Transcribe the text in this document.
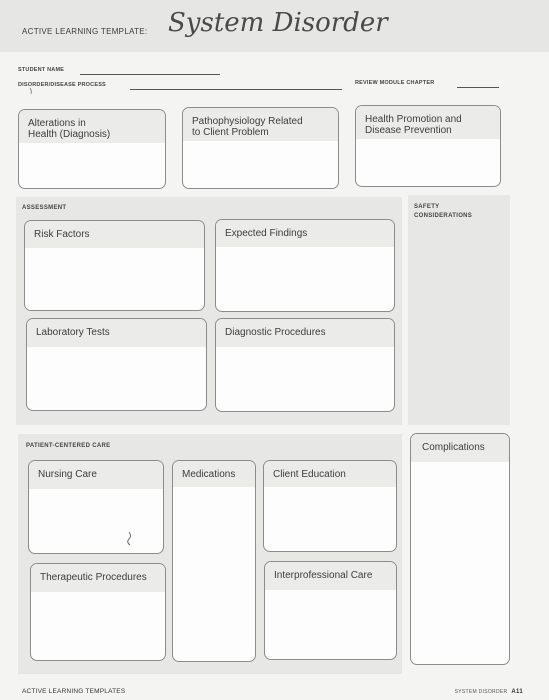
ACTIVE LEARNING TEMPLATE: System Disorder
STUDENT NAME
DISORDER/DISEASE PROCESS	REVIEW MODULE CHAPTER
Alterations in
Health (Diagnosis)
Pathophysiology Related
to Client Problem
Health Promotion and
Disease Prevention
ASSESSMENT
Risk Factors	Expected Findings
Laboratory Tests	Diagnostic Procedures
SAFETY
CONSIDERATIONS
PATIENT-CENTERED CARE
Nursing Care	Medications	Client Education
Therapeutic Procedures	Interprofessional Care
Complications
ACTIVE LEARNING TEMPLATES	SYSTEM DISORDER A11
